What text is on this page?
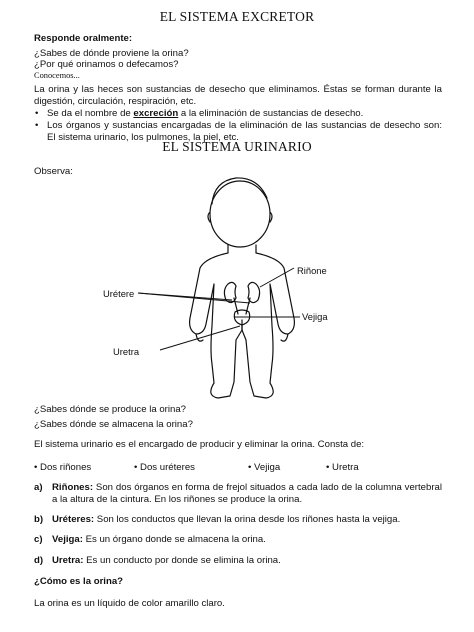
EL SISTEMA EXCRETOR
Responde oralmente:
¿Sabes de dónde proviene la orina?
¿Por qué orinamos o defecamos?
Conocemos...
La orina y las heces son sustancias de desecho que eliminamos. Éstas se forman durante la digestión, circulación, respiración, etc.
• Se da el nombre de excreción a la eliminación de sustancias de desecho.
• Los órganos y sustancias encargadas de la eliminación de las sustancias de desecho son: El sistema urinario, los pulmones, la piel, etc.
EL SISTEMA URINARIO
Observa:
Riñone
Urétere
Vejiga
Uretra
¿Sabes dónde se produce la orina?
¿Sabes dónde se almacena la orina?
El sistema urinario es el encargado de producir y eliminar la orina. Consta de:
• Dos riñones	• Dos uréteres	• Vejiga	• Uretra
a) Riñones: Son dos órganos en forma de frejol situados a cada lado de la columna vertebral a la altura de la cintura. En los riñones se produce la orina.
b) Uréteres: Son los conductos que llevan la orina desde los riñones hasta la vejiga.
c) Vejiga: Es un órgano donde se almacena la orina.
d) Uretra: Es un conducto por donde se elimina la orina.
¿Cómo es la orina?
La orina es un líquido de color amarillo claro.
